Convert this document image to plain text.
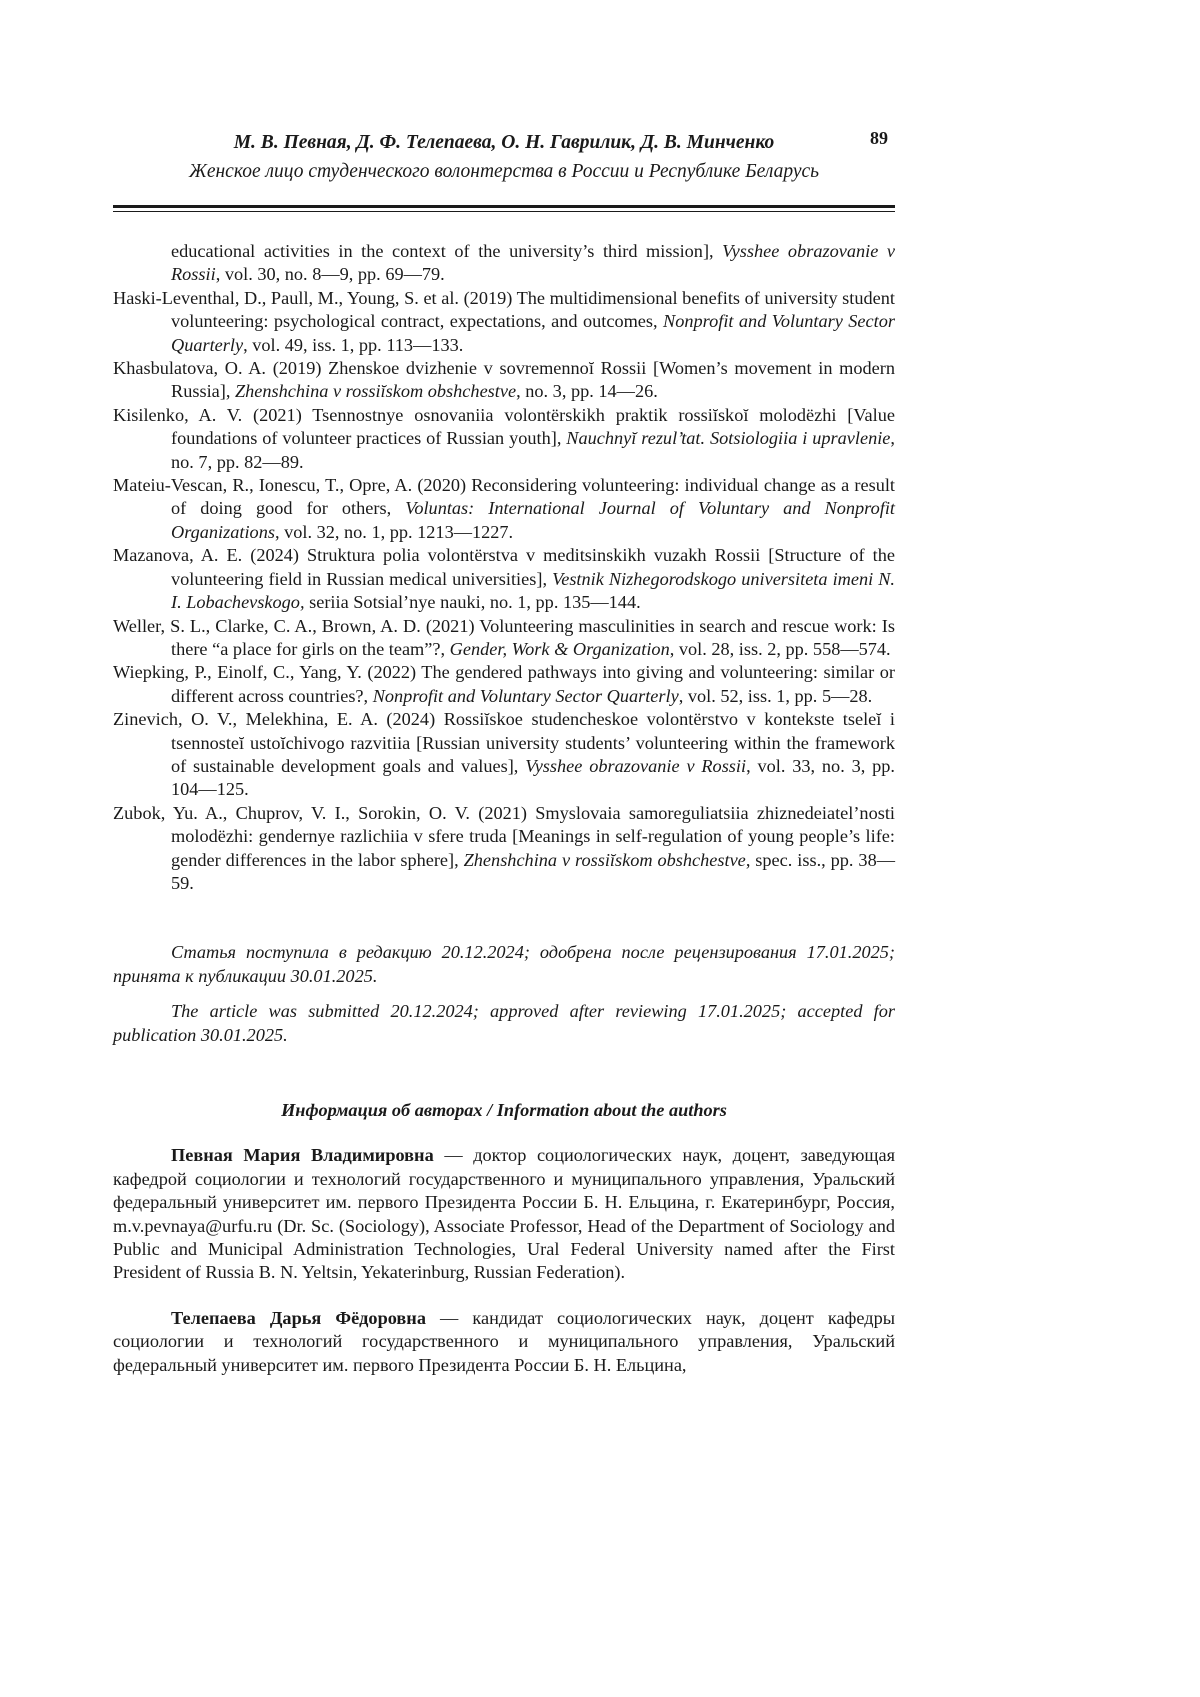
М. В. Певная, Д. Ф. Телепаева, О. Н. Гаврилик, Д. В. Минченко
Женское лицо студенческого волонтерства в России и Республике Беларусь
89

educational activities in the context of the university’s third mission], Vysshee obrazovanie v Rossii, vol. 30, no. 8—9, pp. 69—79.

Haski-Leventhal, D., Paull, M., Young, S. et al. (2019) The multidimensional benefits of university student volunteering: psychological contract, expectations, and outcomes, Nonprofit and Voluntary Sector Quarterly, vol. 49, iss. 1, pp. 113—133.

Khasbulatova, O. A. (2019) Zhenskoe dvizhenie v sovremennoĭ Rossii [Women’s movement in modern Russia], Zhenshchina v rossiĭskom obshchestve, no. 3, pp. 14—26.

Kisilenko, A. V. (2021) Tsennostnye osnovaniia volontërskikh praktik rossiĭskoĭ molodëzhi [Value foundations of volunteer practices of Russian youth], Nauchnyĭ rezul’tat. Sotsiologiia i upravlenie, no. 7, pp. 82—89.

Mateiu-Vescan, R., Ionescu, T., Opre, A. (2020) Reconsidering volunteering: individual change as a result of doing good for others, Voluntas: International Journal of Voluntary and Nonprofit Organizations, vol. 32, no. 1, pp. 1213—1227.

Mazanova, A. E. (2024) Struktura polia volontërstva v meditsinskikh vuzakh Rossii [Structure of the volunteering field in Russian medical universities], Vestnik Nizhegorodskogo universiteta imeni N. I. Lobachevskogo, seriia Sotsial’nye nauki, no. 1, pp. 135—144.

Weller, S. L., Clarke, C. A., Brown, A. D. (2021) Volunteering masculinities in search and rescue work: Is there “a place for girls on the team”?, Gender, Work & Organization, vol. 28, iss. 2, pp. 558—574.

Wiepking, P., Einolf, C., Yang, Y. (2022) The gendered pathways into giving and volunteering: similar or different across countries?, Nonprofit and Voluntary Sector Quarterly, vol. 52, iss. 1, pp. 5—28.

Zinevich, O. V., Melekhina, E. A. (2024) Rossiĭskoe studencheskoe volontërstvo v kontekste tseleĭ i tsennosteĭ ustoĭchivogo razvitiia [Russian university students’ volunteering within the framework of sustainable development goals and values], Vysshee obrazovanie v Rossii, vol. 33, no. 3, pp. 104—125.

Zubok, Yu. A., Chuprov, V. I., Sorokin, O. V. (2021) Smyslovaia samoreguliatsiia zhiznedeiatel’nosti molodëzhi: gendernye razlichiia v sfere truda [Meanings in self-regulation of young people’s life: gender differences in the labor sphere], Zhenshchina v rossiĭskom obshchestve, spec. iss., pp. 38—59.

Статья поступила в редакцию 20.12.2024; одобрена после рецензирования 17.01.2025; принята к публикации 30.01.2025.

The article was submitted 20.12.2024; approved after reviewing 17.01.2025; accepted for publication 30.01.2025.

Информация об авторах / Information about the authors

Певная Мария Владимировна — доктор социологических наук, доцент, заведующая кафедрой социологии и технологий государственного и муниципального управления, Уральский федеральный университет им. первого Президента России Б. Н. Ельцина, г. Екатеринбург, Россия, m.v.pevnaya@urfu.ru (Dr. Sc. (Sociology), Associate Professor, Head of the Department of Sociology and Public and Municipal Administration Technologies, Ural Federal University named after the First President of Russia B. N. Yeltsin, Yekaterinburg, Russian Federation).

Телепаева Дарья Фёдоровна — кандидат социологических наук, доцент кафедры социологии и технологий государственного и муниципального управления, Уральский федеральный университет им. первого Президента России Б. Н. Ельцина,
